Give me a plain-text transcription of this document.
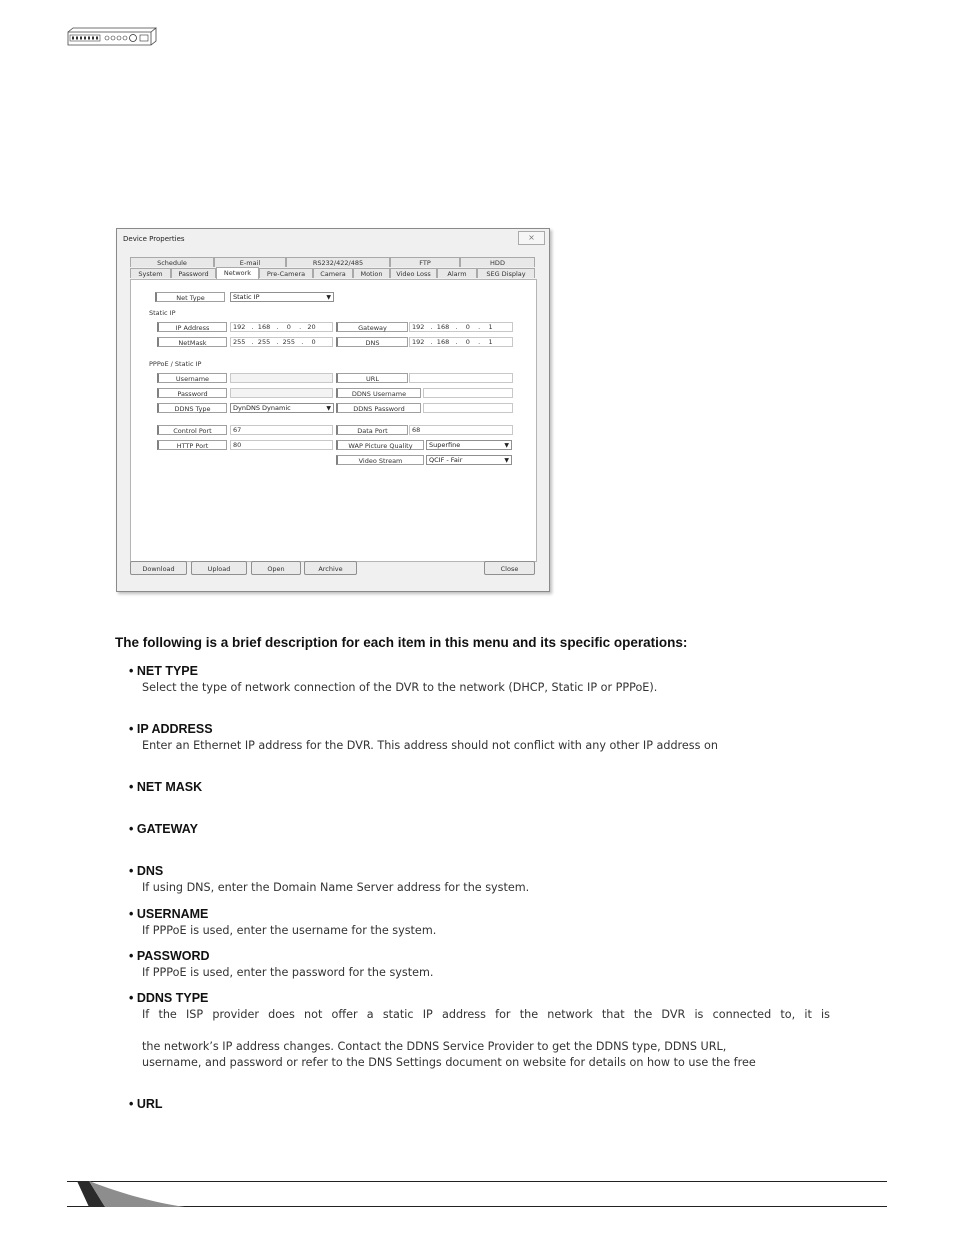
Device Properties	⨯
Schedule	E-mail	RS232/422/485	FTP	HDD
System	Password	Network	Pre-Camera	Camera	Motion	Video Loss	Alarm	SEG Display
Net Type	Static IP	▼
Static IP
IP Address	192   .  168   .    0    .   20	Gateway	192   .  168   .    0    .    1
NetMask	255   .  255   .  255   .    0	DNS	192   .  168   .    0    .    1
PPPoE / Static IP
Username	URL
Password	DDNS Username
DDNS Type	DynDNS Dynamic	▼	DDNS Password
Control Port	67	Data Port	68
HTTP Port	80	WAP Picture Quality	Superfine	▼
Video Stream	QCIF - Fair	▼
Download	Upload	Open	Archive	Close
The following is a brief description for each item in this menu and its specific operations:
• NET TYPE
Select the type of network connection of the DVR to the network (DHCP, Static IP or PPPoE).
• IP ADDRESS
Enter an Ethernet IP address for the DVR. This address should not conflict with any other IP address on
• NET MASK
• GATEWAY
• DNS
If using DNS, enter the Domain Name Server address for the system.
• USERNAME
If PPPoE is used, enter the username for the system.
• PASSWORD
If PPPoE is used, enter the password for the system.
• DDNS TYPE
If the ISP provider does not offer a static IP address for the network that the DVR is connected to, it is
the network’s IP address changes. Contact the DDNS Service Provider to get the DDNS type, DDNS URL,
username, and password or refer to the DNS Settings document on website for details on how to use the free
• URL
